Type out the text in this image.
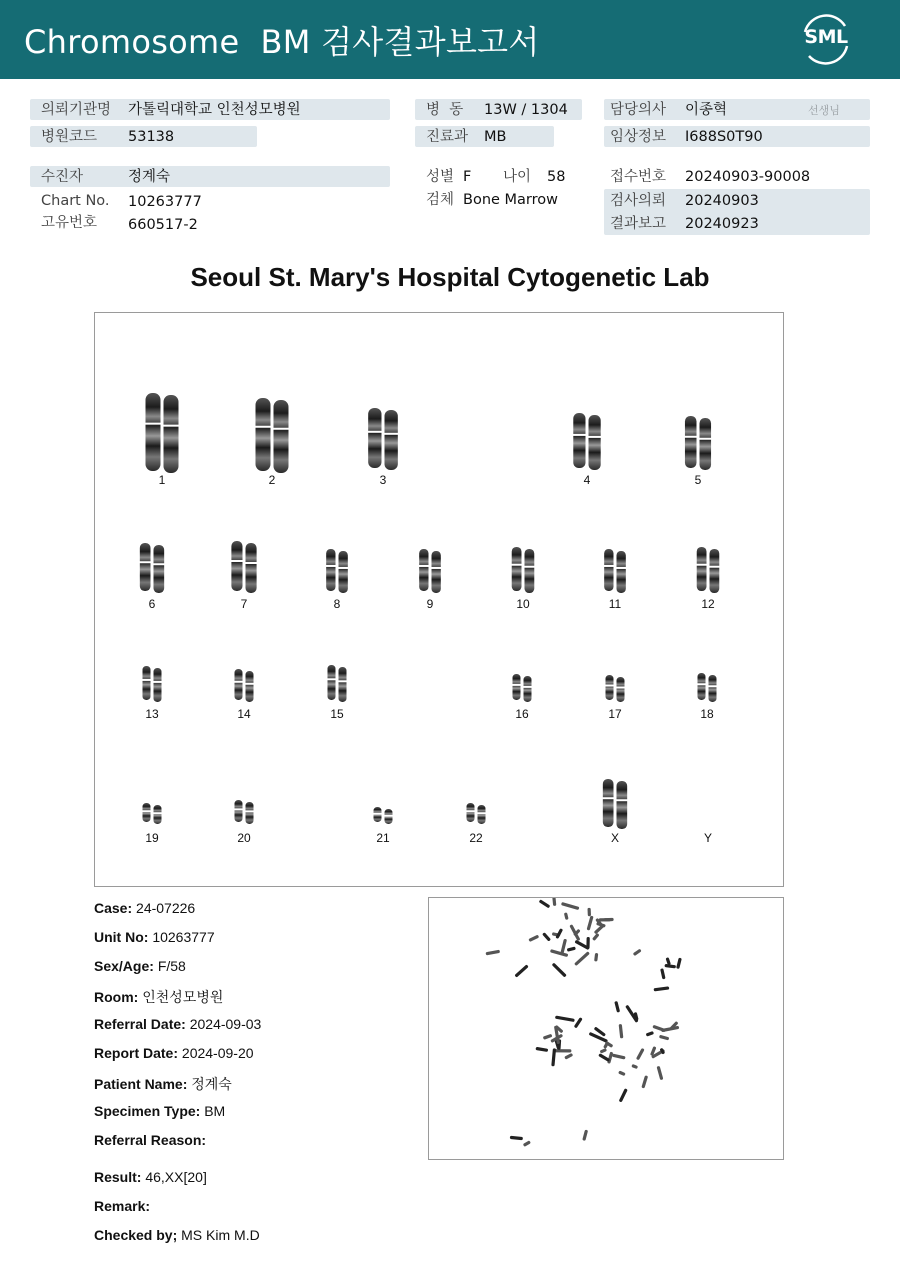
Chromosome  BM 검사결과보고서	SML
의뢰기관명 가톨릭대학교 인천성모병원
병원코드 53138
수진자	정계숙
Chart No. 10263777
고유번호 660517-2
병  동 13W / 1304
진료과 MB
성별 F 나이 58
검체 Bone Marrow
담당의사 이종혁	선생님
임상정보 I688S0T90
접수번호 20240903-90008
검사의뢰 20240903
결과보고 20240923
Seoul St. Mary's Hospital Cytogenetic Lab
1	2	3	4	5
6	7	8	9	10	11	12
13	14	15	16	17	18
19	20	21	22	X	Y
Case: 24-07226
Unit No: 10263777
Sex/Age: F/58
Room: 인천성모병원
Referral Date: 2024-09-03
Report Date: 2024-09-20
Patient Name: 정계숙
Specimen Type: BM
Referral Reason:
Result: 46,XX[20]
Remark:
Checked by; MS Kim M.D
